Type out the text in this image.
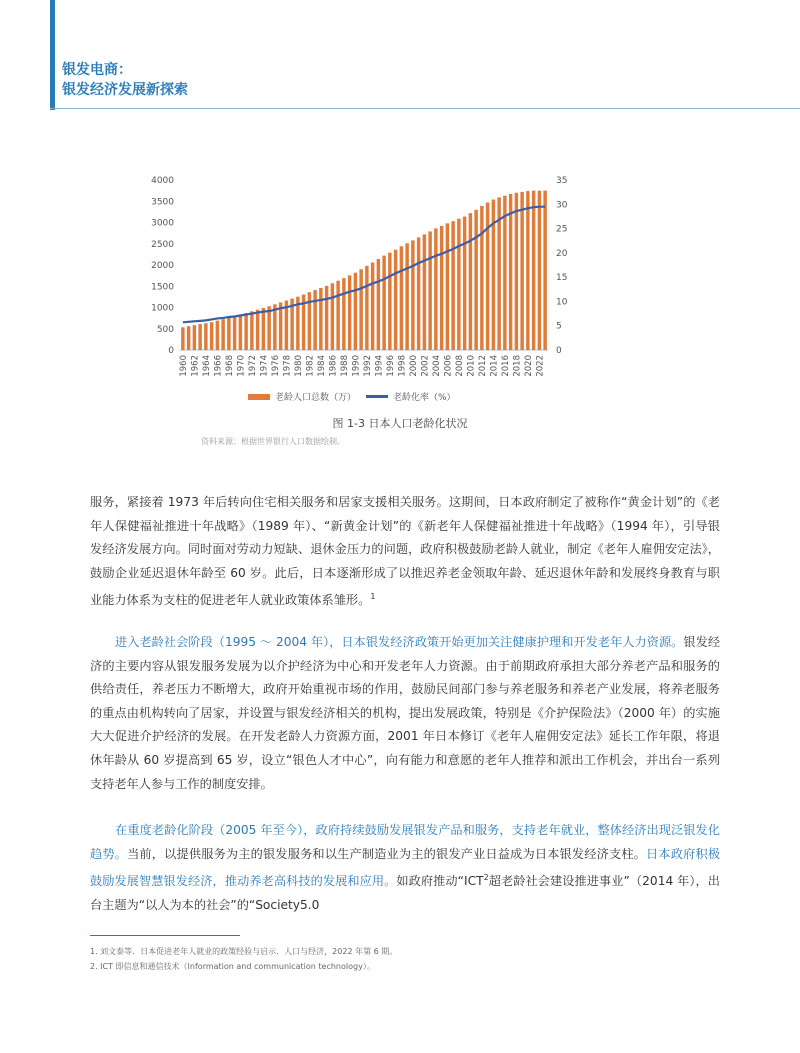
银发电商：
银发经济发展新探索
0
500
1000
1500
2000
2500
3000
3500
4000
0
5
10
15
20
25
30
35
1960 1962 1964 1966 1968 1970 1972 1974 1976 1978 1980 1982 1984 1986 1988 1990 1992 1994 1996 1998 2000 2002 2004 2006 2008 2010 2012 2014 2016 2018 2020 2022
老龄人口总数（万）	老龄化率（%）
图 1-3 日本人口老龄化状况
资料来源：根据世界银行人口数据绘制。

服务，紧接着 1973 年后转向住宅相关服务和居家支援相关服务。这期间，日本政府制定了被称作“黄金计划”的《老年人保健福祉推进十年战略》（1989 年）、“新黄金计划”的《新老年人保健福祉推进十年战略》（1994 年），引导银发经济发展方向。同时面对劳动力短缺、退休金压力的问题，政府积极鼓励老龄人就业，制定《老年人雇佣安定法》，鼓励企业延迟退休年龄至 60 岁。此后，日本逐渐形成了以推迟养老金领取年龄、延迟退休年龄和发展终身教育与职业能力体系为支柱的促进老年人就业政策体系雏形。$^1$

进入老龄社会阶段（1995 ～ 2004 年），日本银发经济政策开始更加关注健康护理和开发老年人力资源。银发经济的主要内容从银发服务发展为以介护经济为中心和开发老年人力资源。由于前期政府承担大部分养老产品和服务的供给责任，养老压力不断增大，政府开始重视市场的作用，鼓励民间部门参与养老服务和养老产业发展，将养老服务的重点由机构转向了居家，并设置与银发经济相关的机构，提出发展政策，特别是《介护保险法》（2000 年）的实施大大促进介护经济的发展。在开发老龄人力资源方面，2001 年日本修订《老年人雇佣安定法》延长工作年限，将退休年龄从 60 岁提高到 65 岁，设立“银色人才中心”，向有能力和意愿的老年人推荐和派出工作机会，并出台一系列支持老年人参与工作的制度安排。

在重度老龄化阶段（2005 年至今），政府持续鼓励发展银发产品和服务，支持老年就业，整体经济出现泛银发化趋势。当前，以提供服务为主的银发服务和以生产制造业为主的银发产业日益成为日本银发经济支柱。日本政府积极鼓励发展智慧银发经济，推动养老高科技的发展和应用。如政府推动“ICT$^2$超老龄社会建设推进事业”（2014 年），出台主题为“以人为本的社会”的“Society5.0

1. 刘文泰等．日本促进老年人就业的政策经验与启示．人口与经济，2022 年第 6 期。
2. ICT 即信息和通信技术（Information and communication technology）。
